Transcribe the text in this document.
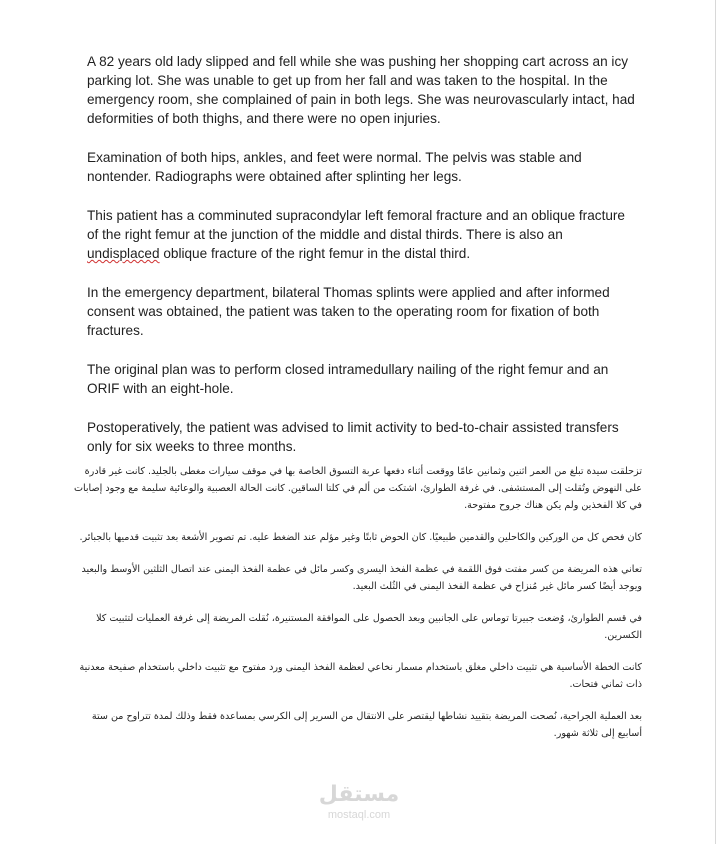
A 82 years old lady slipped and fell while she was pushing her shopping cart across an icy parking lot. She was unable to get up from her fall and was taken to the hospital. In the emergency room, she complained of pain in both legs. She was neurovascularly intact, had deformities of both thighs, and there were no open injuries.

Examination of both hips, ankles, and feet were normal. The pelvis was stable and nontender. Radiographs were obtained after splinting her legs.

This patient has a comminuted supracondylar left femoral fracture and an oblique fracture of the right femur at the junction of the middle and distal thirds. There is also an undisplaced oblique fracture of the right femur in the distal third.

In the emergency department, bilateral Thomas splints were applied and after informed consent was obtained, the patient was taken to the operating room for fixation of both fractures.

The original plan was to perform closed intramedullary nailing of the right femur and an ORIF with an eight-hole.

Postoperatively, the patient was advised to limit activity to bed-to-chair assisted transfers only for six weeks to three months.

تزحلقت سيدة تبلغ من العمر اثنين وثمانين عامًا ووقعت أثناء دفعها عربة التسوق الخاصة بها في موقف سيارات مغطى بالجليد. كانت غير قادرة على النهوض وتُقلت إلى المستشفى. في غرفة الطوارئ، اشتكت من ألم في كلتا الساقين. كانت الحالة العصبية والوعائية سليمة مع وجود إصابات في كلا الفخذين ولم يكن هناك جروح مفتوحة.

كان فحص كل من الوركين والكاحلين والقدمين طبيعيًا. كان الحوض ثابتًا وغير مؤلم عند الضغط عليه. تم تصوير الأشعة بعد تثبيت قدميها بالجبائر.

تعاني هذه المريضة من كسر مفتت فوق اللقمة في عظمة الفخذ اليسرى وكسر مائل في عظمة الفخذ اليمنى عند اتصال الثلثين الأوسط والبعيد ويوجد أيضًا كسر مائل غير مُنزاح في عظمة الفخذ اليمنى في الثُلث البعيد.

في قسم الطوارئ، وُضعت جبيرتا توماس على الجانبين وبعد الحصول على الموافقة المستنيرة، نُقلت المريضة إلى غرفة العمليات لتثبيت كلا الكسرين.

كانت الخطة الأساسية هي تثبيت داخلي مغلق باستخدام مسمار نخاعي لعظمة الفخذ اليمنى ورد مفتوح مع تثبيت داخلي باستخدام صفيحة معدنية ذات ثماني فتحات.

بعد العملية الجراحية، نُصحت المريضة بتقييد نشاطها ليقتصر على الانتقال من السرير إلى الكرسي بمساعدة فقط وذلك لمدة تتراوح من ستة أسابيع إلى ثلاثة شهور.

مستقل
mostaql.com
